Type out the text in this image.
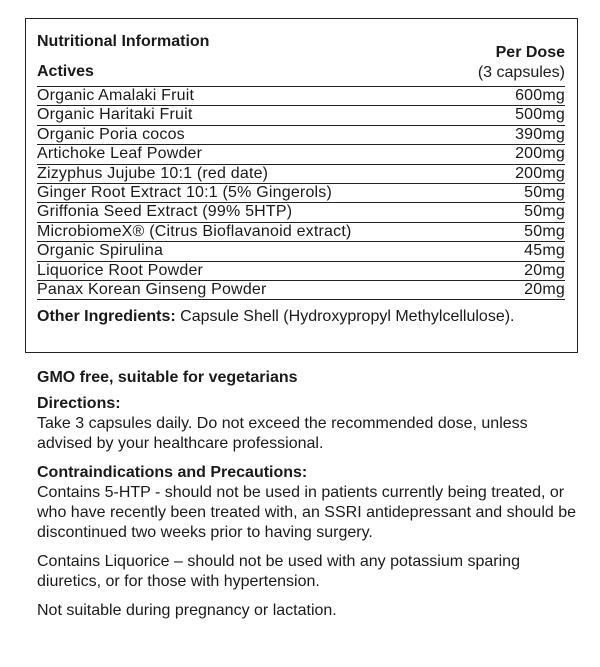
Nutritional Information
Actives
Per Dose
(3 capsules)
Organic Amalaki Fruit	600mg
Organic Haritaki Fruit	500mg
Organic Poria cocos	390mg
Artichoke Leaf Powder	200mg
Zizyphus Jujube 10:1 (red date)	200mg
Ginger Root Extract 10:1 (5% Gingerols)	50mg
Griffonia Seed Extract (99% 5HTP)	50mg
MicrobiomeX® (Citrus Bioflavanoid extract)	50mg
Organic Spirulina	45mg
Liquorice Root Powder	20mg
Panax Korean Ginseng Powder	20mg
Other Ingredients: Capsule Shell (Hydroxypropyl Methylcellulose).

GMO free, suitable for vegetarians

Directions:

Take 3 capsules daily. Do not exceed the recommended dose, unless advised by your healthcare professional.

Contraindications and Precautions:

Contains 5-HTP - should not be used in patients currently being treated, or who have recently been treated with, an SSRI antidepressant and should be discontinued two weeks prior to having surgery.

Contains Liquorice – should not be used with any potassium sparing diuretics, or for those with hypertension.

Not suitable during pregnancy or lactation.
